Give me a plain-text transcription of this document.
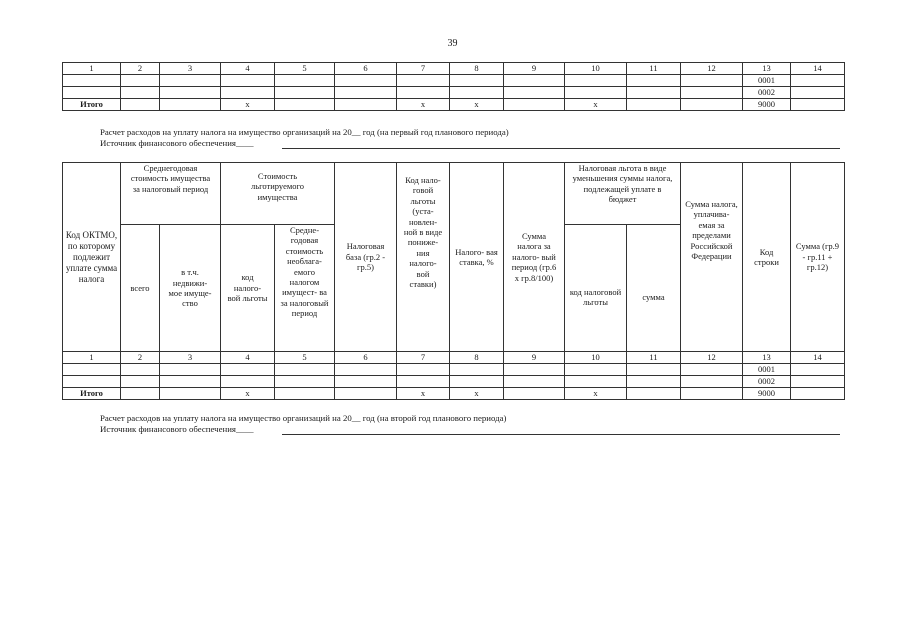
39
1	2	3	4	5	6	7	8	9	10	11	12	13	14
												0001	
												0002	
Итого			x			x	x		x			9000	
Расчет расходов на уплату налога на имущество организаций на 20__ год (на первый год планового периода)
Источник финансового обеспечения____
Код ОКТМО, по которому подлежит уплате сумма налога	Среднегодовая стоимость имущества за налоговый период		Стоимость льготируемого имущества		Налоговая база (гр.2 - гр.5)	Код нало- говой льготы (уста- новлен- ной в виде пониже- ния налого- вой ставки)	Налого- вая ставка, %	Сумма налога за налого- вый период (гр.6 x гр.8/100)	Налоговая льгота в виде уменьшения суммы налога, подлежащей уплате в бюджет		Сумма налога, уплачива- емая за пределами Российской Федерации	Код строки	Сумма (гр.9 - гр.11 + гр.12)
	всего	в т.ч. недвижи- мое имуще- ство	код налого- вой льготы	Средне- годовая стоимость необлага- емого налогом имущест- ва за налоговый период					код налоговой льготы	сумма			
1	2	3	4	5	6	7	8	9	10	11	12	13	14
												0001	
												0002	
Итого			x			x	x		x			9000	
Расчет расходов на уплату налога на имущество организаций на 20__ год (на второй год планового периода)
Источник финансового обеспечения____
